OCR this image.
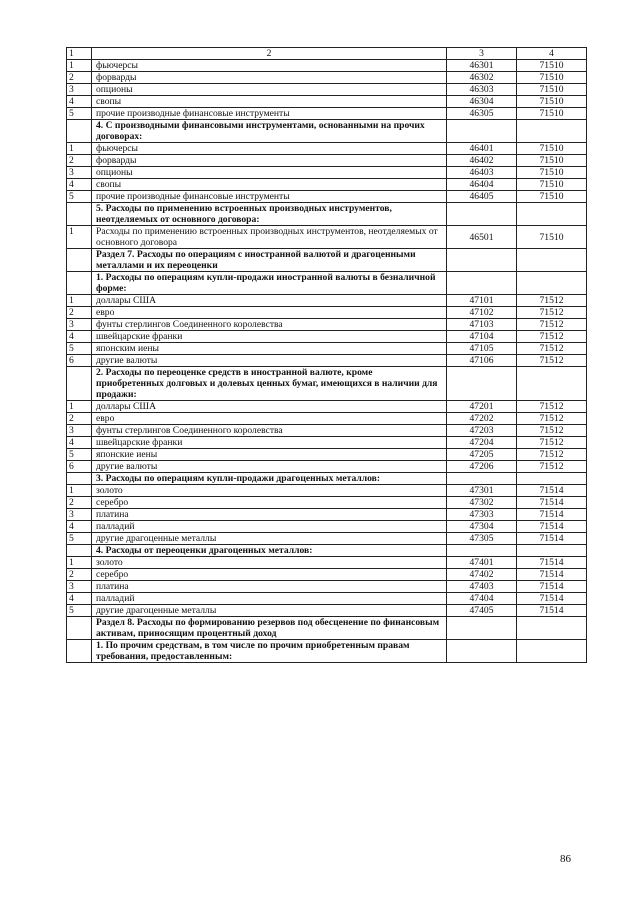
1	2	3	4
1	фьючерсы	46301	71510
2	форварды	46302	71510
3	опционы	46303	71510
4	свопы	46304	71510
5	прочие производные финансовые инструменты	46305	71510
	4. С производными финансовыми инструментами, основанными на прочих договорах:		
1	фьючерсы	46401	71510
2	форварды	46402	71510
3	опционы	46403	71510
4	свопы	46404	71510
5	прочие производные финансовые инструменты	46405	71510
	5. Расходы по применению встроенных производных инструментов, неотделяемых от основного договора:		
1	Расходы по применению встроенных производных инструментов, неотделяемых от основного договора	46501	71510
	Раздел 7. Расходы по операциям с иностранной валютой и драгоценными металлами и их переоценки		
	1. Расходы по операциям купли-продажи иностранной валюты в безналичной форме:		
1	доллары США	47101	71512
2	евро	47102	71512
3	фунты стерлингов Соединенного королевства	47103	71512
4	швейцарские франки	47104	71512
5	японским иены	47105	71512
6	другие валюты	47106	71512
	2. Расходы по переоценке средств в иностранной валюте, кроме приобретенных долговых и долевых ценных бумаг, имеющихся в наличии для продажи:		
1	доллары США	47201	71512
2	евро	47202	71512
3	фунты стерлингов Соединенного королевства	47203	71512
4	швейцарские франки	47204	71512
5	японские иены	47205	71512
6	другие валюты	47206	71512
	3. Расходы по операциям купли-продажи драгоценных металлов:		
1	золото	47301	71514
2	серебро	47302	71514
3	платина	47303	71514
4	палладий	47304	71514
5	другие драгоценные металлы	47305	71514
	4. Расходы от переоценки драгоценных металлов:		
1	золото	47401	71514
2	серебро	47402	71514
3	платина	47403	71514
4	палладий	47404	71514
5	другие драгоценные металлы	47405	71514
	Раздел 8. Расходы по формированию резервов под обесценение по финансовым активам, приносящим процентный доход		
	1. По прочим средствам, в том числе по прочим приобретенным правам требования, предоставленным:		
86
